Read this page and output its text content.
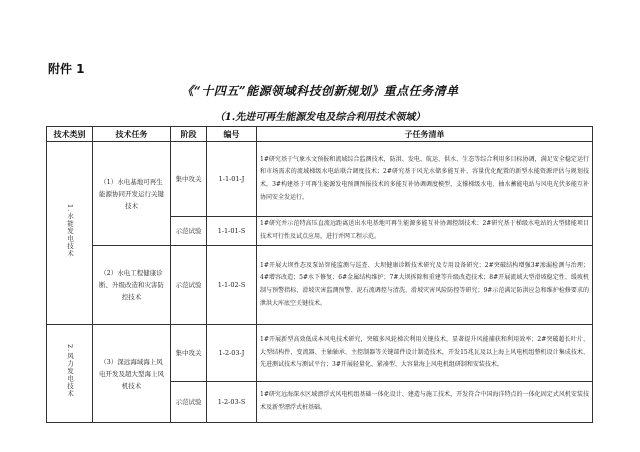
附件 1
《“十四五”能源领域科技创新规划》重点任务清单
（1.先进可再生能源发电及综合利用技术领域）
技术类别	技术任务	阶段	编号	子任务清单
1.水能发电技术	（1）水电基地可再生能源协同开发运行关键技术	集中攻关	1-1-01-J	1#研究基于气象水文预报和流域综合监测技术，防洪、发电、航运、供水、生态等综合利用多目标协调，满足安全稳定运行和市场需求的流域梯级水电站联合调度技术；2#研究基于风光水储多能互补、容量优化配置的新型水能资源评估与规划技术，3#构建基于可再生能源发电预测预报技术的多能互补协调调度模型，支撑梯级水电、抽水蓄能电站与风电光伏多能互补协同安全发运行。
		示范试验	1-1-01-S	1#研究并示范特高压直流远距离送出水电基地可再生能源多能互补协调控制技术；2#研究基于梯级水电站的大型储能项目技术可行性及试点应用，进行并网工程示范。
	（2）水电工程健康诊断、升级改造和灾害防控技术	示范试验	1-1-02-S	1#开展大坝性态及泵站智能监测与巡查、大坝健康诊断技术研究及专用设备研究；2#突破结构增强3#渗漏检测与治理；4#增容改造；5#水下修复；6#金属结构维护；7#大坝拆除和重建等升级改造技术；8#开展流域大型滑坡稳定性、缓坡机制与预警指标、滑坡灾害监测预警、泥石流调控与清洗、滑坡灾害风险防控等研究；9#示范满足防洪应急和维护检修要求的泄洪大库底空关键技术。
2.风力发电技术	（3）深远海域海上风电开发及超大型海上风机技术	集中攻关	1-2-03-J	1#开展新型高效低成本风电技术研究，突破多风轮梯次利用关键技术，显著提升风能捕获和利用效率；2#突破超长叶片、大型结构件、变流器、主轴轴承、主控制器等关键部件设计制造技术，开发15兆瓦及以上海上风电机组整机设计集成技术、先进测试技术与测试平台；3#开展轻量化、紧凑型、大容量海上风电机组研制和安装技术。
		示范试验	1-2-03-S	1#研究远海深水区域漂浮式风电机组基础一体化设计、建造与施工技术，开发符合中国海洋特点的一体化固定式风机安装技术及新型漂浮式桩基础。
